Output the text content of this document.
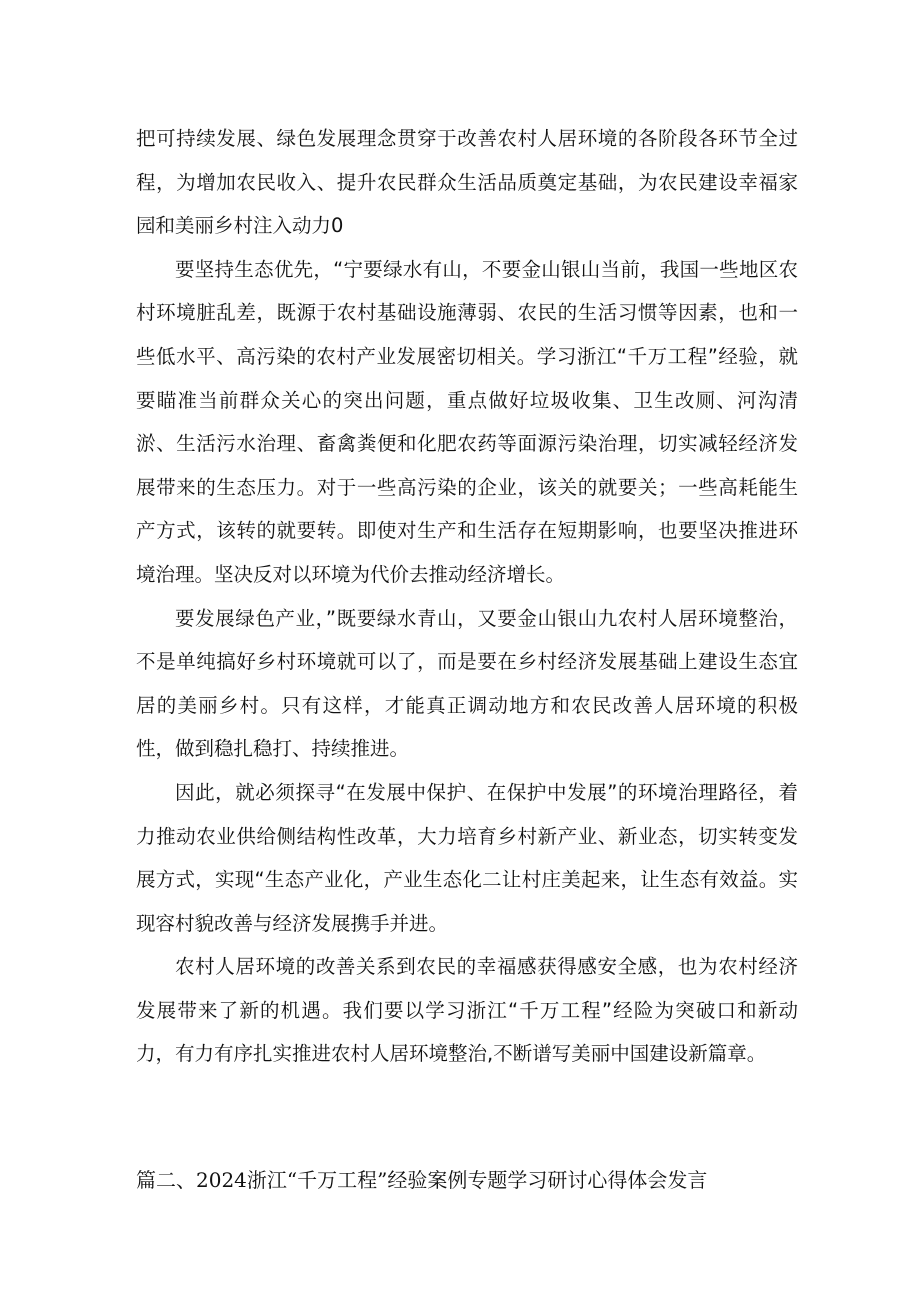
把可持续发展、绿色发展理念贯穿于改善农村人居环境的各阶段各环节全过程，为增加农民收入、提升农民群众生活品质奠定基础，为农民建设幸福家园和美丽乡村注入动力0

要坚持生态优先，“宁要绿水有山，不要金山银山当前，我国一些地区农村环境脏乱差，既源于农村基础设施薄弱、农民的生活习惯等因素，也和一些低水平、高污染的农村产业发展密切相关。学习浙江“千万工程”经验，就要瞄准当前群众关心的突出问题，重点做好垃圾收集、卫生改厕、河沟清淤、生活污水治理、畜禽粪便和化肥农药等面源污染治理，切实减轻经济发展带来的生态压力。对于一些高污染的企业，该关的就要关；一些高耗能生产方式，该转的就要转。即使对生产和生活存在短期影响，也要坚决推进环境治理。坚决反对以环境为代价去推动经济增长。

要发展绿色产业，”既要绿水青山，又要金山银山九农村人居环境整治，不是单纯搞好乡村环境就可以了，而是要在乡村经济发展基础上建设生态宜居的美丽乡村。只有这样，才能真正调动地方和农民改善人居环境的积极性，做到稳扎稳打、持续推进。

因此，就必须探寻“在发展中保护、在保护中发展”的环境治理路径，着力推动农业供给侧结构性改革，大力培育乡村新产业、新业态，切实转变发展方式，实现“生态产业化，产业生态化二让村庄美起来，让生态有效益。实现容村貌改善与经济发展携手并进。

农村人居环境的改善关系到农民的幸福感获得感安全感，也为农村经济发展带来了新的机遇。我们要以学习浙江“千万工程”经险为突破口和新动力，有力有序扎实推进农村人居环境整治,不断谱写美丽中国建设新篇章。

篇二、2024浙江“千万工程”经验案例专题学习研讨心得体会发言
